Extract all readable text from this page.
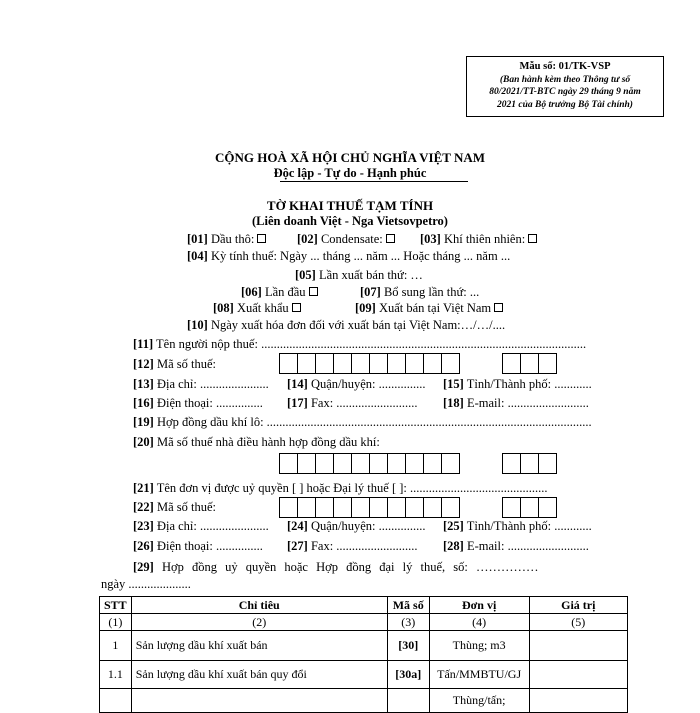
Mẫu số: 01/TK-VSP
(Ban hành kèm theo Thông tư số
80/2021/TT-BTC ngày 29 tháng 9 năm
2021 của Bộ trưởng Bộ Tài chính)
CỘNG HOÀ XÃ HỘI CHỦ NGHĨA VIỆT NAM
Độc lập - Tự do - Hạnh phúc
TỜ KHAI THUẾ TẠM TÍNH
(Liên doanh Việt - Nga Vietsovpetro)
[01] Dầu thô:	[02] Condensate:	[03] Khí thiên nhiên:
[04] Kỳ tính thuế: Ngày ... tháng ... năm ... Hoặc tháng ... năm ...
[05] Lần xuất bán thứ: …
[06] Lần đầu	[07] Bổ sung lần thứ: ...
[08] Xuất khẩu	[09] Xuất bán tại Việt Nam
[10] Ngày xuất hóa đơn đối với xuất bán tại Việt Nam:…/…/....
[11] Tên người nộp thuế: ........................................................................................................
[12] Mã số thuế:
[13] Địa chỉ: ...................... [14] Quận/huyện: ............... [15] Tỉnh/Thành phố: ............
[16] Điện thoại: ............... [17] Fax: .......................... [18] E-mail: ..........................
[19] Hợp đồng dầu khí lô: ........................................................................................................
[20] Mã số thuế nhà điều hành hợp đồng dầu khí:
[21] Tên đơn vị được uỷ quyền [ ] hoặc Đại lý thuế [ ]: ............................................
[22] Mã số thuế:
[23] Địa chỉ: ...................... [24] Quận/huyện: ............... [25] Tỉnh/Thành phố: ............
[26] Điện thoại: ............... [27] Fax: .......................... [28] E-mail: ..........................
[29] Hợp đồng uỷ quyền hoặc Hợp đồng đại lý thuế, số: ……………
ngày ....................
STT	Chỉ tiêu	Mã số	Đơn vị	Giá trị
(1)	(2)	(3)	(4)	(5)
1	Sản lượng dầu khí xuất bán	[30]	Thùng; m3	
1.1	Sản lượng dầu khí xuất bán quy đổi	[30a]	Tấn/MMBTU/GJ	
			Thùng/tấn;	
